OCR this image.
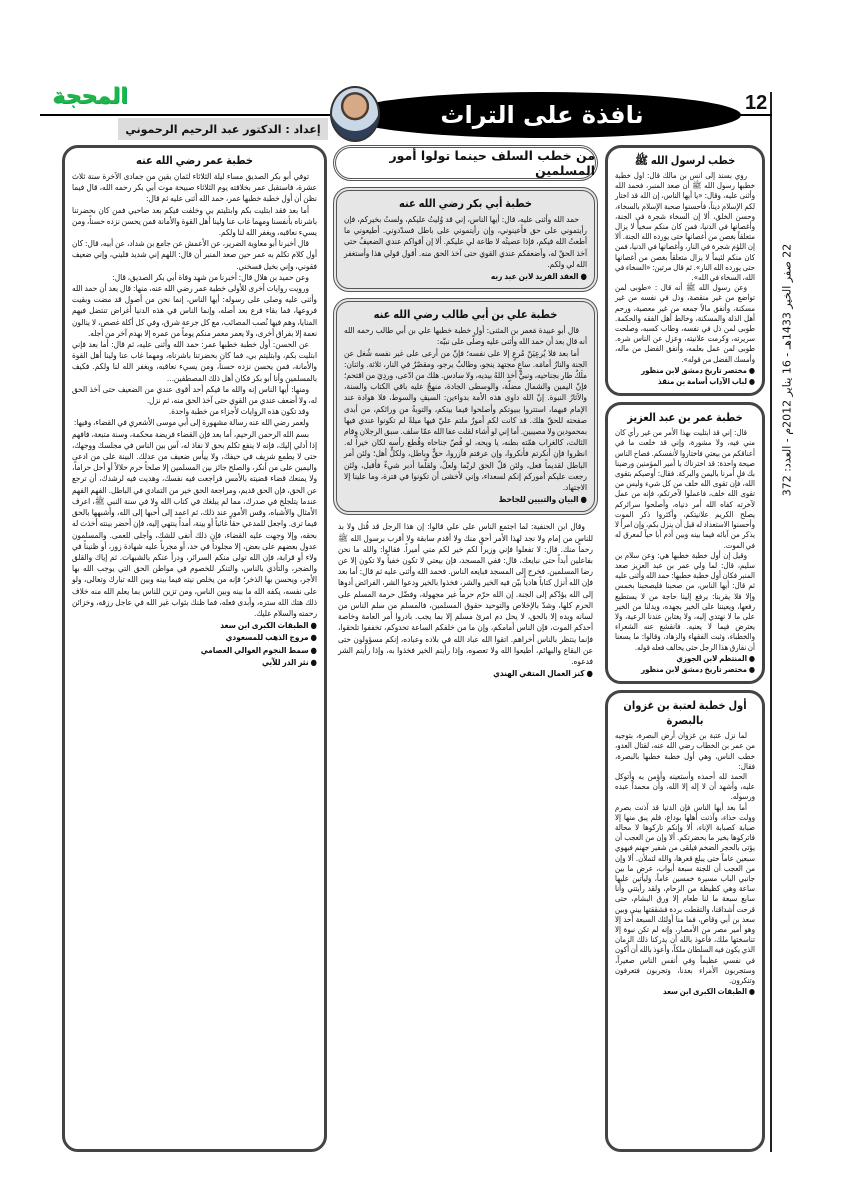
12
22 صفر الخير 1433هـ - 16 يناير 2012م - العدد: 372
نافذة على التراث
المحجة
إعداد : الدكتور عبد الرحيم الرحموني
خطب لرسول الله ﷺ

روي بسند إلى انس بن مالك قال: اول خطبة خطبها رسول الله ﷺ أن صعد المنبر، فحمد الله وأثنى عليه، وقال: «يا أيها الناس، إن الله قد اختار لكم الإسلام ديناً، فأحسنوا صحبة الإسلام بالسخاء، وحسن الخلق، ألا إن السخاء شجرة في الجنة، وأغصانها في الدنيا، فمن كان منكم سخياً لا يزال متعلقاً بغصن من أغصانها حتى يورده الله الجنة. ألا إن اللؤم شجرة في النار، وأغصانها في الدنيا، فمن كان منكم لئيماً لا يزال متعلقاً بغصن من أغصانها حتى يورده الله النار». ثم قال مرتين: «السخاء في الله، السخاء في الله».

وعن رسول الله ﷺ أنه قال : «طوبى لمن تواضع من غير منقصة، وذل في نفسه من غير مسكنة، وأنفق مالاً جمعه من غير معصية، ورحم أهل الذلة والمسكنة، وخالط أهل الفقه والحكمة. طوبى لمن ذل في نفسه، وطاب كسبه، وصلحت سريرته، وكرمت علانيته، وعزل عن الناس شره. طوبى لمن عمل بعلمه، وأنفق الفضل من ماله، وأمسك الفضل من قوله».

● مختصر تاريخ دمشق لابن منظور

● لباب الآداب أسامة بن منقذ

خطبة عمر بن عبد العزيز

قال: إني قد ابتليت بهذا الأمر من غير رأي كان مني فيه، ولا مشورة، وإني قد خلعت ما في أعناقكم من بيعتي فاختاروا لأنفسكم. فصاح الناس صيحة واحدة: قد اخترناك يا أمير المؤمنين ورضينا بك فلِ أمرنا باليمن والبركة. فقال: أوصيكم بتقوى الله، فإن تقوى الله خلف من كل شيء وليس من تقوى الله خلف، فاعملوا لآخرتكم، فإنه من عمل لآخرته كفاه الله أمر دنياه، وأصلحوا سرائركم يصلح الكريم علانيتكم، وأكثروا ذكر الموت وأحسنوا الاستعداد له قبل أن ينزل بكم، وإن امرأ لا يذكر من آبائه فيما بينه وبين آدم أبا حياً لمعرق له في الموت.

وقيل إن أول خطبة خطبها هي: وعن سلام بن سليم، قال: لما ولي عمر بن عبد العزيز صعد المنبر فكان أول خطبة خطبها: حمد الله وأثنى عليه ثم قال: أيها الناس، من صحبنا فليصحبنا بخمس وإلا فلا يقربنا: يرفع إلينا حاجة من لا يستطيع رفعها، ويعيننا على الخير بجهده، ويدلنا من الخير على ما لا نهتدي إليه، ولا يغتابن عندنا الرعية، ولا يعترض فيما لا يعنيه. فانقشع عنه الشعراء والخطباء، وثبت الفقهاء والزهاد، وقالوا: ما يسعنا أن نفارق هذا الرجل حتى يخالف فعله قوله.

● المنتظم لابن الجوزي

● مختصر تاريخ دمشق لابن منظور

أول خطبة لعتبة بن غزوان بالبصرة

لما نزل عتبة بن غزوان أرض البصرة، بتوجيه من عمر بن الخطاب رضي الله عنه، لقتال العدو، خطب الناس، وهي أول خطبة خطبها بالبصرة، فقال:

الحمد لله أحمده وأستعينه وأؤمن به وأتوكل عليه، وأشهد أن لا إله إلا الله، وأن محمداً عبده ورسوله.

أما بعد أيها الناس فإن الدنيا قد آذنت بصرم وولت حذاء، وآذنت أهلها بوداع، فلم يبق منها إلا صبابة كصبابة الإناء، ألا وإنكم تاركوها لا محالة فاتركوها بخير ما بحضرتكم. ألا وإن من العجب أن يؤتى بالحجر الضخم فيلقى من شفير جهنم فيهوي سبعين عاماً حتى يبلغ قعرها، والله لتملأن. ألا وإن من العجب أن للجنة سبعة أبواب، عرض ما بين جانبي الباب مسيرة خمسين عاماً، وليأتين عليها ساعة وهي كظيظة من الزحام، ولقد رأيتني وأنا سابع سبعة ما لنا طعام إلا ورق البشام، حتى قرحت أشداقنا، والتقطت بردة فشققتها بيني وبين سعد بن أبي وقاص، فما منا أولئك السبعة أحد إلا وهو أمير مصر من الأمصار، وإنه لم تكن نبوة إلا تناسختها ملك، فأعوذ بالله أن يدركنا ذلك الزمان الذي يكون فيه السلطان ملكاً، وأعوذ بالله أن أكون في نفسي عظيماً وفي أنفس الناس صغيراً، وستجربون الأمراء بعدنا، وتجربون فتعرفون وتنكرون.

● الطبقات الكبرى ابن سعد

من خطب السلف حينما تولوا أمور المسلمين
خطبة أبي بكر رضي الله عنه

حمد الله وأثنى عليه، قال: أيها الناس، إني قد وُليتُ عليكم، ولستُ بخيركم، فإن رأيتموني على حق فأعينوني، وإن رأيتموني على باطل فسدّدوني. أطيعوني ما أطعتُ الله فيكم، فإذا عصيتُه لا طاعة لي عليكم. ألا إن أقواكم عندي الضعيفُ حتى آخذ الحقّ له، وأضعفكم عندي القوي حتى آخذ الحق منه. أقول قولي هذا وأستغفر الله لي ولكم.

● العقد الفريد لابن عبد ربه

خطبة علي بن أبي طالب رضي الله عنه

قال أبو عبيدة مَعمر بن المثنى: أول خطبة خطبها علي بن أبي طالب رحمه الله أنه قال بعد أن حمد الله وأثنى عليه وصلّى على نبيّه:

أما بعد فلا يُرعِيَنّ مُرعٍ إلا على نفسه؛ فإنّ من أرعى على غير نفسه شُغل عن الجنة والنارُ أمامَه. ساعٍ مجتهد ينجو، وطالبٌ يرجو، ومقصّرٌ في النار، ثلاثة. واثنان: ملَكٌ طار بجناحيه، ونبيٌّ أخذ اللهُ بيديه، ولا سادس. هلك من ادّعى، وردِيَ من اقتحم؛ فإنّ اليمين والشمال مضلّة، والوسطى الجادة، منهجٌ عليه باقي الكتاب والسنة، والآثارُ النبوة. إنّ الله داوى هذه الأمة بدواءين: السيفِ والسوط، فلا هوادة عند الإمام فيهما، استتروا ببيوتكم وأصلحوا فيما بينكم، والتوبةُ من ورائكم، من أبدى صفحته للحقّ هلك. قد كانت لكم أمورٌ ملتم عليّ فيها ميلةً لم تكونوا عندي فيها بمحمودين ولا مصيبين. أما إني لو أشاء لقلت عفا الله عمّا سلف. سبق الرجلان وقام الثالث، كالغراب همّته بطنه، يا ويحه، لو قُصّ جناحاه وقُطع رأسه لكان خيراً له. انظروا فإن أنكرتم فأنكروا، وإن عرفتم فآزروا، حقٌّ وباطل، ولكلٍّ أهل؛ ولئن أمر الباطل لقديماً فعل، ولئن قلّ الحق لربّما ولعلّ، ولقلّما أدبر شيءٌ فأقبل، ولئن رجعت عليكم أموركم إنكم لسعداء، وإني لأخشى أن تكونوا في فترة، وما علينا إلا الاجتهاد.

● البيان والتبيين للجاحظ

وقال ابن الحنفية: لما اجتمع الناس على علي قالوا: إن هذا الرجل قد قُتل ولا بد للناس من إمام ولا نجد لهذا الأمر أحق منك ولا أقدم سابقة ولا أقرب برسول الله ﷺ رحماً منك. قال: لا تفعلوا فإني وزيراً لكم خير لكم مني أميراً. فقالوا: والله ما نحن بفاعلين أبداً حتى نبايعك، قال: ففي المسجد، فإن بيعتي لا تكون خفياً ولا تكون إلا عن رضا المسلمين. فخرج إلى المسجد فبايعه الناس. فحمد الله وأثنى عليه ثم قال: أما بعد فإن الله أنزل كتاباً هادياً بيّن فيه الخير والشر، فخذوا بالخير ودعوا الشر، الفرائض أدوها إلى الله يؤدّكم إلى الجنة. إن الله حرّم حرماً غير مجهولة، وفضّل حرمة المسلم على الحرم كلها، وشدّ بالإخلاص والتوحيد حقوق المسلمين، فالمسلم من سلم الناس من لسانه ويده إلا بالحق، لا يحل دم امرئ مسلم إلا بما يجب. بادروا أمر العامة وخاصة أحدكم الموت، فإن الناس أمامكم، وإن ما من خلفكم الساعة تحدوكم، تخففوا تلحقوا، فإنما ينتظر بالناس أخراهم. اتقوا الله عباد الله في بلاده وعباده، إنكم مسؤولون حتى عن البقاع والبهائم، أطيعوا الله ولا تعصوه، وإذا رأيتم الخير فخذوا به، وإذا رأيتم الشر فدعوه.

● كنز العمال المتقي الهندي

خطبة عمر رضي الله عنه

توفي أبو بكر الصديق مساء ليلة الثلاثاء لثمان بقين من جمادى الآخرة سنة ثلاث عشرة، فاستقبل عمر بخلافته يوم الثلاثاء صبيحة موت أبي بكر رحمه الله، قال فيما نظن أن أول خطبة خطبها عمر، حمد الله أثنى عليه ثم قال:

أما بعد فقد ابتليت بكم وابتليتم بي وخلفت فيكم بعد صاحبي فمن كان بحضرتنا باشرناه بأنفسنا ومهما غاب عنا ولينا أهل القوة والأمانة فمن يحسن نزده حسناً، ومن يسيء نعاقبه، ويغفر الله لنا ولكم.

قال أخبرنا أبو معاوية الضرير، عن الأعمش عن جامع بن شداد، عن أبيه، قال: كان أول كلام تكلم به عمر حين صعد المنبر أن قال: اللهم إني شديد فليني، وإني ضعيف فقوني، وإني بخيل فسخني.

وعن حميد بن هلال قال: أخبرنا من شهد وفاة أبي بكر الصديق، قال:

ورويت روايات أخرى للأولى خطبة عمر رضي الله عنه، منها: قال بعد أن حمد الله وأثنى عليه وصلى على رسوله: أيها الناس، إنما نحن من أصول قد مضت وبقيت فروعها، فما بقاء فرع بعد أصله، وإنما الناس في هذه الدنيا أغراض تنتضل فيهم المنايا، وهم فيها نُصب المصائب، مع كل جرعة شرق، وفي كل أكلة غصص، لا ينالون نعمة إلا بفراق أخرى، ولا يعمر معمر منكم يوماً من عمره إلا بهدم آخر من أجله.

عن الحسن: أول خطبة خطبها عمر: حمد الله وأثنى عليه، ثم قال: أما بعد فإني ابتليت بكم، وابتليتم بي، فما كان بحضرتنا باشرناه، ومهما غاب عنا ولينا أهل القوة والأمانة، فمن يحسن نزده حسناً، ومن يسيء نعاقبه، ويغفر الله لنا ولكم. فكيف بالمسلمين وأنا أبو بكر فكان أهل ذلك المصطفين...

ومنها: أيها الناس إنه والله ما فيكم أحد أقوى عندي من الضعيف حتى آخذ الحق له، ولا أضعف عندي من القوي حتى آخذ الحق منه، ثم نزل.

وقد تكون هذه الروايات لأجزاء من خطبة واحدة.

ولعمر رضي الله عنه رسالة مشهورة إلى أبي موسى الأشعري في القضاء، وفيها:

بسم الله الرحمن الرحيم، أما بعد فإن القضاء فريضة محكمة، وسنة متبعة، فافهم إذا أدلي إليك، فإنه لا ينفع تكلم بحق لا نفاذ له، آس بين الناس في مجلسك ووجهك، حتى لا يطمع شريف في حيفك، ولا ييأس ضعيف من عدلك. البينة على من ادعى واليمين على من أنكر، والصلح جائز بين المسلمين إلا صلحاً حرم حلالاً أو أحل حراماً، ولا يمنعك قضاء قضيته بالأمس فراجعت فيه نفسك، وهديت فيه لرشدك، أن ترجع عن الحق، فإن الحق قديم، ومراجعة الحق خير من التمادي في الباطل. الفهم الفهم عندما يتلجلج في صدرك، مما لم يبلغك في كتاب الله ولا في سنة النبي ﷺ، اعرف الأمثال والأشباه، وقس الأمور عند ذلك، ثم اعمد إلى أحبها إلى الله، وأشبهها بالحق فيما ترى. واجعل للمدعي حقاً غائباً أو بينة، أمداً ينتهي إليه، فإن أحضر بينته أخذت له بحقه، وإلا وجهت عليه القضاء، فإن ذلك أنفى للشك، وأجلى للعمى. والمسلمون عدول بعضهم على بعض، إلا مجلوداً في حد، أو مجرباً عليه شهادة زور، أو ظنيناً في ولاء أو قرابة، فإن الله تولى منكم السرائر، ودرأ عنكم بالشبهات. ثم إياك والقلق والضجر، والتأذي بالناس، والتنكر للخصوم في مواطن الحق التي يوجب الله بها الأجر، ويحسن بها الذخر؛ فإنه من يخلص نيته فيما بينه وبين الله تبارك وتعالى، ولو على نفسه، يكفه الله ما بينه وبين الناس، ومن تزين للناس بما يعلم الله منه خلاف ذلك هتك الله ستره، وأبدى فعله، فما ظنك بثواب غير الله في عاجل رزقه، وخزائن رحمته والسلام عليك.

● الطبقات الكبرى ابن سعد

● مروج الذهب للمسعودي

● سمط النجوم العوالي العصامي

● نثر الدر للآبي
